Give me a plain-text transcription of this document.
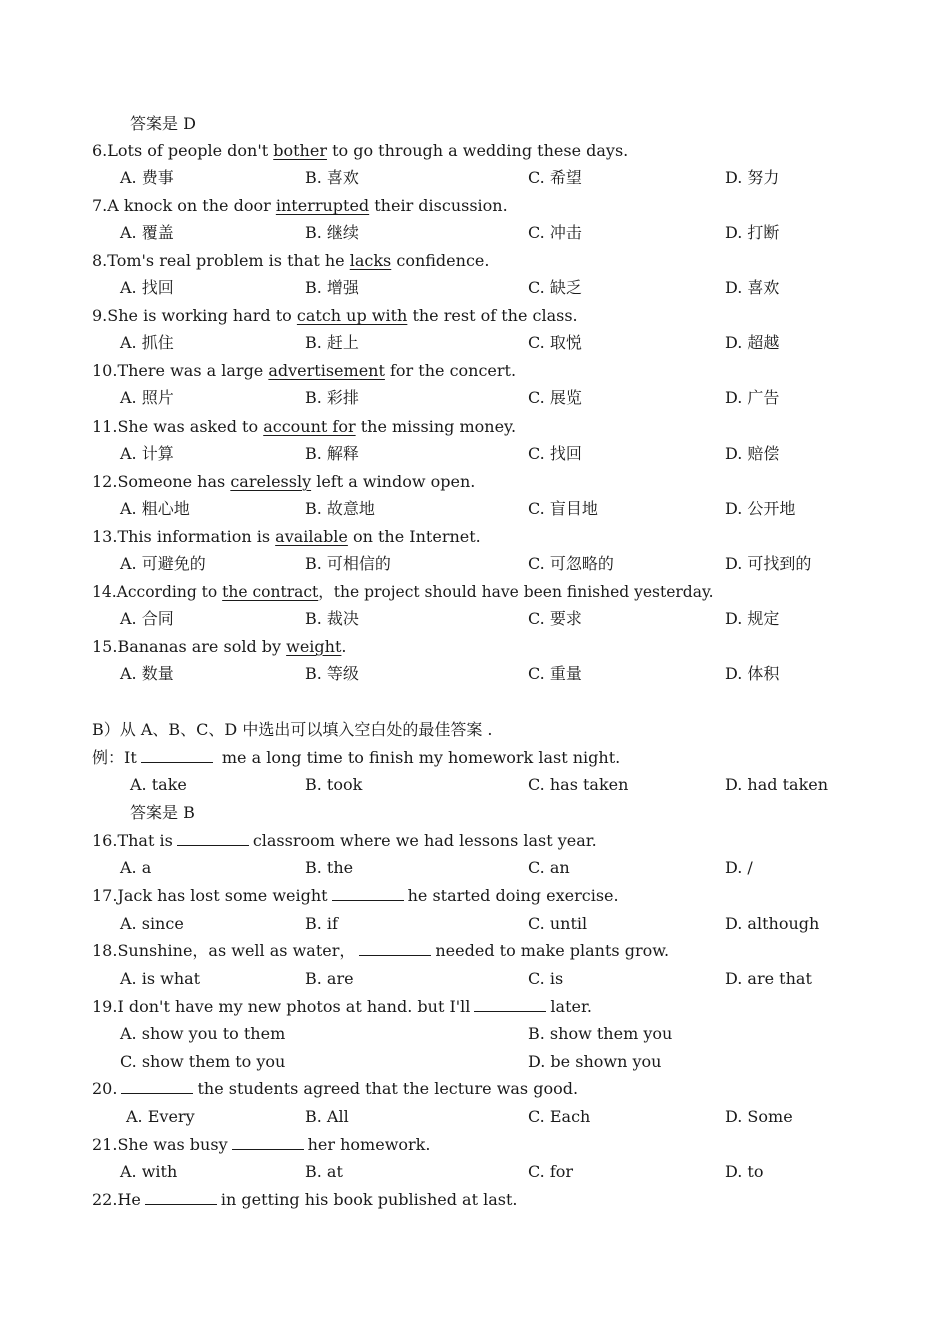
答案是 D
6.Lots of people don't bother to go through a wedding these days.
A. 费事	B. 喜欢	C. 希望	D. 努力
7.A knock on the door interrupted their discussion.
A. 覆盖	B. 继续	C. 冲击	D. 打断
8.Tom's real problem is that he lacks confidence.
A. 找回	B. 增强	C. 缺乏	D. 喜欢
9.She is working hard to catch up with the rest of the class.
A. 抓住	B. 赶上	C. 取悦	D. 超越
10.There was a large advertisement for the concert.
A. 照片	B. 彩排	C. 展览	D. 广告
11.She was asked to account for the missing money.
A. 计算	B. 解释	C. 找回	D. 赔偿
12.Someone has carelessly left a window open.
A. 粗心地	B. 故意地	C. 盲目地	D. 公开地
13.This information is available on the Internet.
A. 可避免的	B. 可相信的	C. 可忽略的	D. 可找到的
14.According to the contract，the project should have been finished yesterday.
A. 合同	B. 裁决	C. 要求	D. 规定
15.Bananas are sold by weight.
A. 数量	B. 等级	C. 重量	D. 体积
B）从 A、B、C、D 中选出可以填入空白处的最佳答案 .
例：It	me a long time to finish my homework last night.
A. take	B. took	C. has taken	D. had taken
答案是 B
16.That is	classroom where we had lessons last year.
A. a	B. the	C. an	D. /
17.Jack has lost some weight	he started doing exercise.
A. since	B. if	C. until	D. although
18.Sunshine，as well as water，	needed to make plants grow.
A. is what	B. are	C. is	D. are that
19.I don't have my new photos at hand. but I'll	later.
A. show you to them	B. show them you
C. show them to you	D. be shown you
20.	the students agreed that the lecture was good.
A. Every	B. All	C. Each	D. Some
21.She was busy	her homework.
A. with	B. at	C. for	D. to
22.He	in getting his book published at last.
